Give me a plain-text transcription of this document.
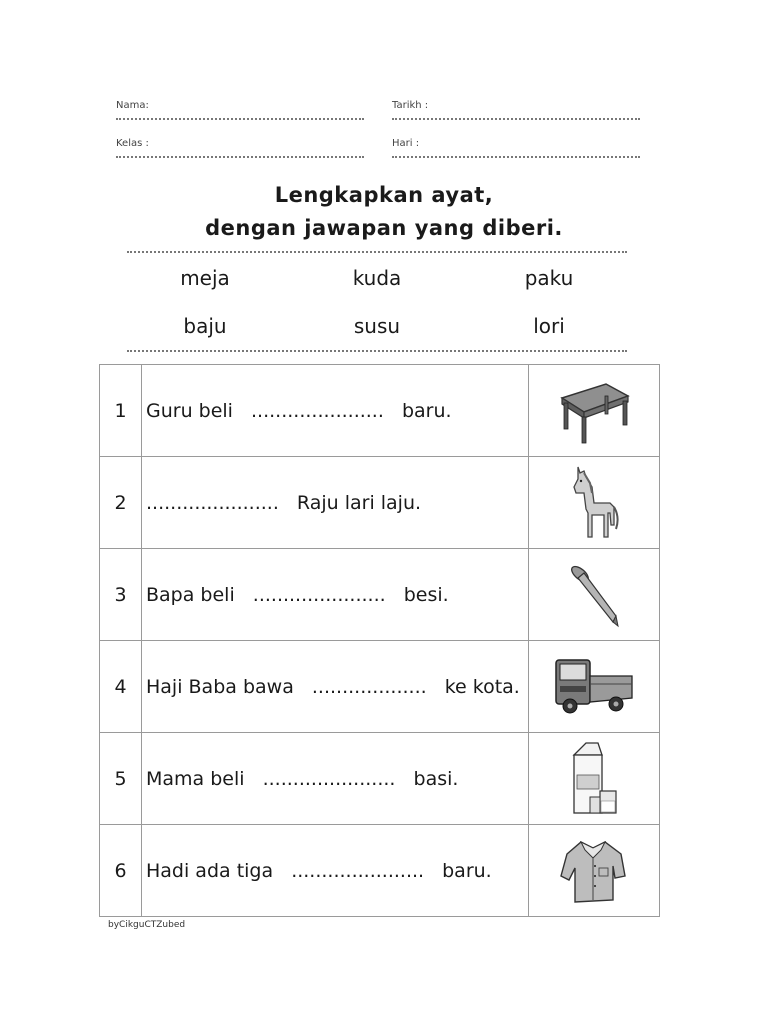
Nama:	Tarikh :
Kelas :	Hari :
Lengkapkan ayat,
dengan jawapan yang diberi.
meja	kuda	paku
baju	susu	lori
1	Guru beli ...................... baru.	

2	...................... Raju lari laju.	

3	Bapa beli ...................... besi.	

4	Haji Baba bawa ................... ke kota.	

5	Mama beli ...................... basi.	

6	Hadi ada tiga ...................... baru.	
byCikguCTZubed
